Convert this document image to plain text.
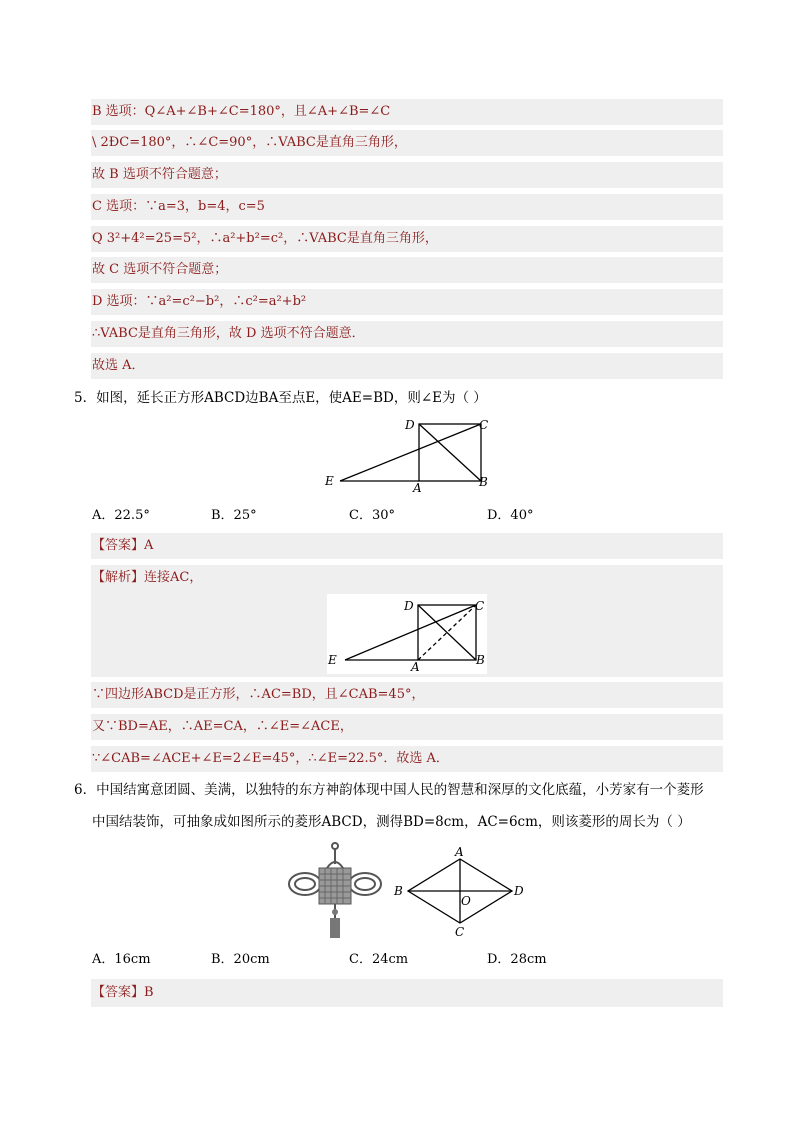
B 选项：Q∠A+∠B+∠C=180°，且∠A+∠B=∠C
\ 2ÐC=180°，∴∠C=90°，∴VABC是直角三角形，
故 B 选项不符合题意；
C 选项：∵a=3，b=4，c=5
Q 3²+4²=25=5²，∴a²+b²=c²，∴VABC是直角三角形，
故 C 选项不符合题意；
D 选项：∵a²=c²−b²，∴c²=a²+b²
∴VABC是直角三角形，故 D 选项不符合题意．
故选 A．
5．如图，延长正方形ABCD边BA至点E，使AE=BD，则∠E为（ ）
D	C
E	A	B
A．22.5°	B．25°	C．30°	D．40°
【答案】A
【解析】连接AC，
D	C
E	A	B
∵四边形ABCD是正方形，∴AC=BD，且∠CAB=45°，
又∵BD=AE，∴AE=CA，∴∠E=∠ACE，
∵∠CAB=∠ACE+∠E=2∠E=45°，∴∠E=22.5°．故选 A．
6．中国结寓意团圆、美满，以独特的东方神韵体现中国人民的智慧和深厚的文化底蕴，小芳家有一个菱形
中国结装饰，可抽象成如图所示的菱形ABCD，测得BD=8cm，AC=6cm，则该菱形的周长为（ ）
A
B	D
C
O
A．16cm	B．20cm	C．24cm	D．28cm
【答案】B
